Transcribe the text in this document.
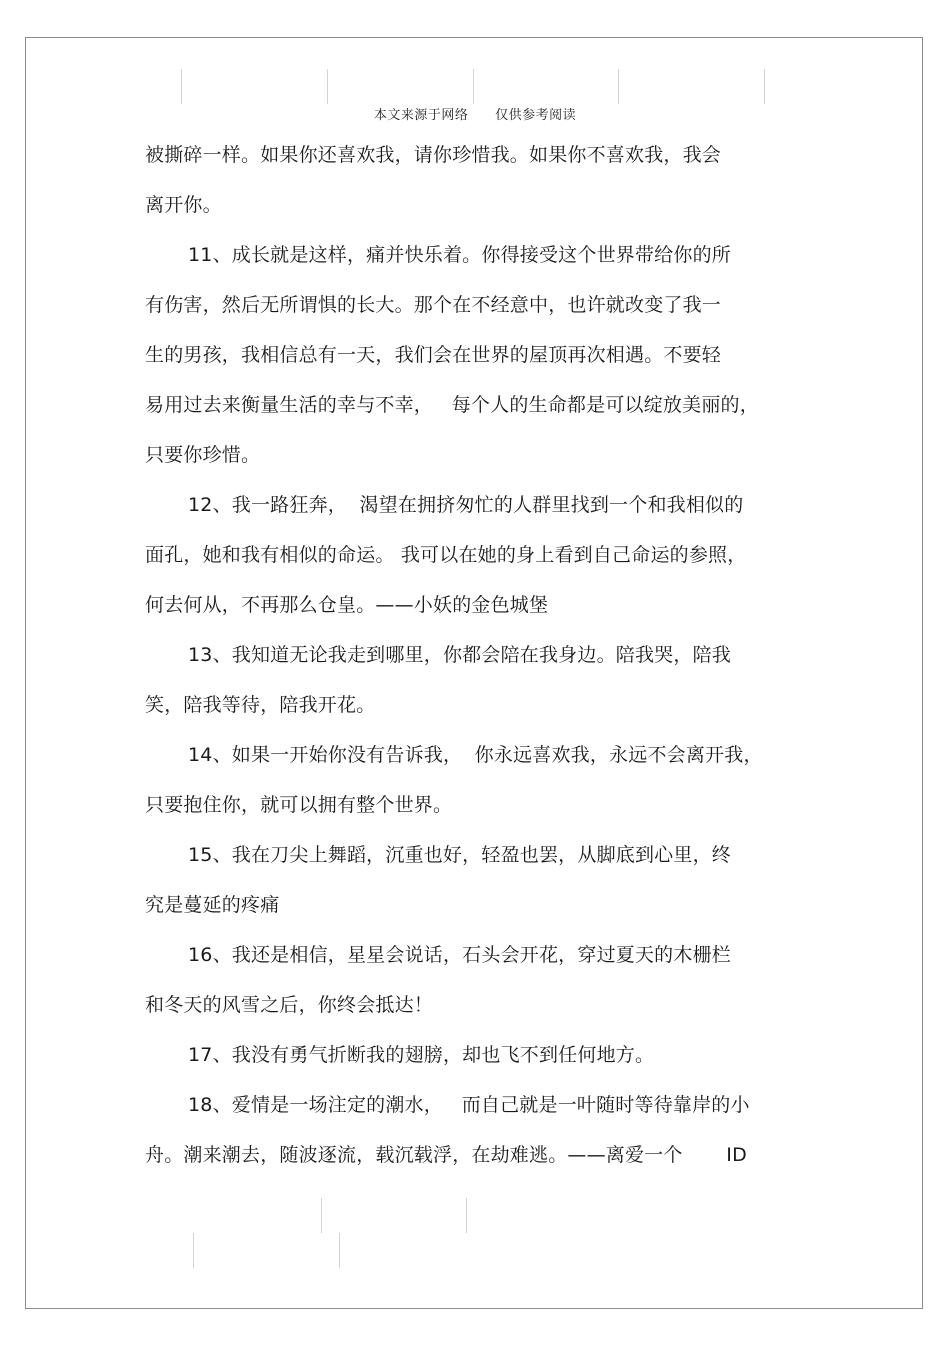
本文来源于网络 仅供参考阅读
被撕碎一样。如果你还喜欢我，请你珍惜我。如果你不喜欢我，我会
离开你。
11、成长就是这样，痛并快乐着。你得接受这个世界带给你的所
有伤害，然后无所谓惧的长大。那个在不经意中，也许就改变了我一
生的男孩，我相信总有一天，我们会在世界的屋顶再次相遇。不要轻
易用过去来衡量生活的幸与不幸，   每个人的生命都是可以绽放美丽的，
只要你珍惜。
12、我一路狂奔，  渴望在拥挤匆忙的人群里找到一个和我相似的
面孔，她和我有相似的命运。 我可以在她的身上看到自己命运的参照，
何去何从，不再那么仓皇。——小妖的金色城堡
13、我知道无论我走到哪里，你都会陪在我身边。陪我哭，陪我
笑，陪我等待，陪我开花。
14、如果一开始你没有告诉我，  你永远喜欢我，永远不会离开我，
只要抱住你，就可以拥有整个世界。
15、我在刀尖上舞蹈，沉重也好，轻盈也罢，从脚底到心里，终
究是蔓延的疼痛
16、我还是相信，星星会说话，石头会开花，穿过夏天的木栅栏
和冬天的风雪之后，你终会抵达！
17、我没有勇气折断我的翅膀，却也飞不到任何地方。
18、爱情是一场注定的潮水，   而自己就是一叶随时等待靠岸的小
舟。潮来潮去，随波逐流，载沉载浮，在劫难逃。——离爱一个       ID
